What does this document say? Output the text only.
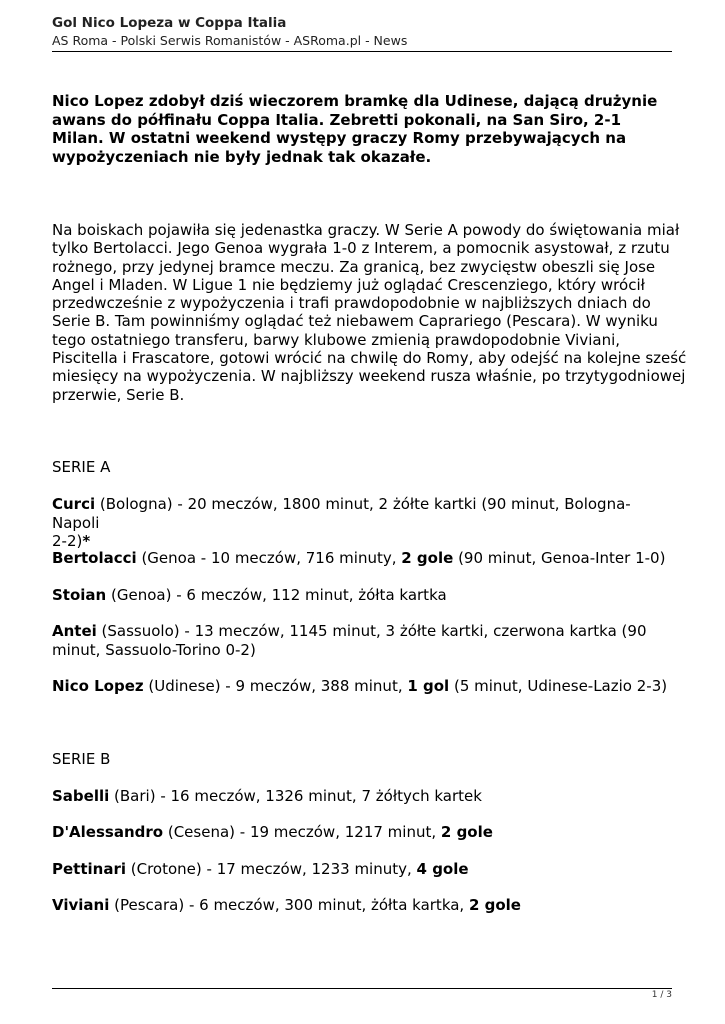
Gol Nico Lopeza w Coppa Italia
AS Roma - Polski Serwis Romanistów - ASRoma.pl - News

Nico Lopez zdobył dziś wieczorem bramkę dla Udinese, dającą drużynie awans do półfinału Coppa Italia. Zebretti pokonali, na San Siro, 2-1 Milan. W ostatni weekend występy graczy Romy przebywających na wypożyczeniach nie były jednak tak okazałe.

Na boiskach pojawiła się jedenastka graczy. W Serie A powody do świętowania miał
tylko Bertolacci. Jego Genoa wygrała 1-0 z Interem, a pomocnik asystował, z rzutu
rożnego, przy jedynej bramce meczu. Za granicą, bez zwycięstw obeszli się Jose
Angel i Mladen. W Ligue 1 nie będziemy już oglądać Crescenziego, który wrócił
przedwcześnie z wypożyczenia i trafi prawdopodobnie w najbliższych dniach do
Serie B. Tam powinniśmy oglądać też niebawem Caprariego (Pescara). W wyniku
tego ostatniego transferu, barwy klubowe zmienią prawdopodobnie Viviani,
Piscitella i Frascatore, gotowi wrócić na chwilę do Romy, aby odejść na kolejne sześć
miesięcy na wypożyczenia. W najbliższy weekend rusza właśnie, po trzytygodniowej
przerwie, Serie B.

SERIE A

Curci (Bologna) - 20 meczów, 1800 minut, 2 żółte kartki (90 minut, Bologna-Napoli
2-2)*

Bertolacci (Genoa - 10 meczów, 716 minuty, 2 gole (90 minut, Genoa-Inter 1-0)

Stoian (Genoa) - 6 meczów, 112 minut, żółta kartka

Antei (Sassuolo) - 13 meczów, 1145 minut, 3 żółte kartki, czerwona kartka (90
minut, Sassuolo-Torino 0-2)

Nico Lopez (Udinese) - 9 meczów, 388 minut, 1 gol (5 minut, Udinese-Lazio 2-3)

SERIE B

Sabelli (Bari) - 16 meczów, 1326 minut, 7 żółtych kartek

D'Alessandro (Cesena) - 19 meczów, 1217 minut, 2 gole

Pettinari (Crotone) - 17 meczów, 1233 minuty, 4 gole

Viviani (Pescara) - 6 meczów, 300 minut, żółta kartka, 2 gole

1 / 3
